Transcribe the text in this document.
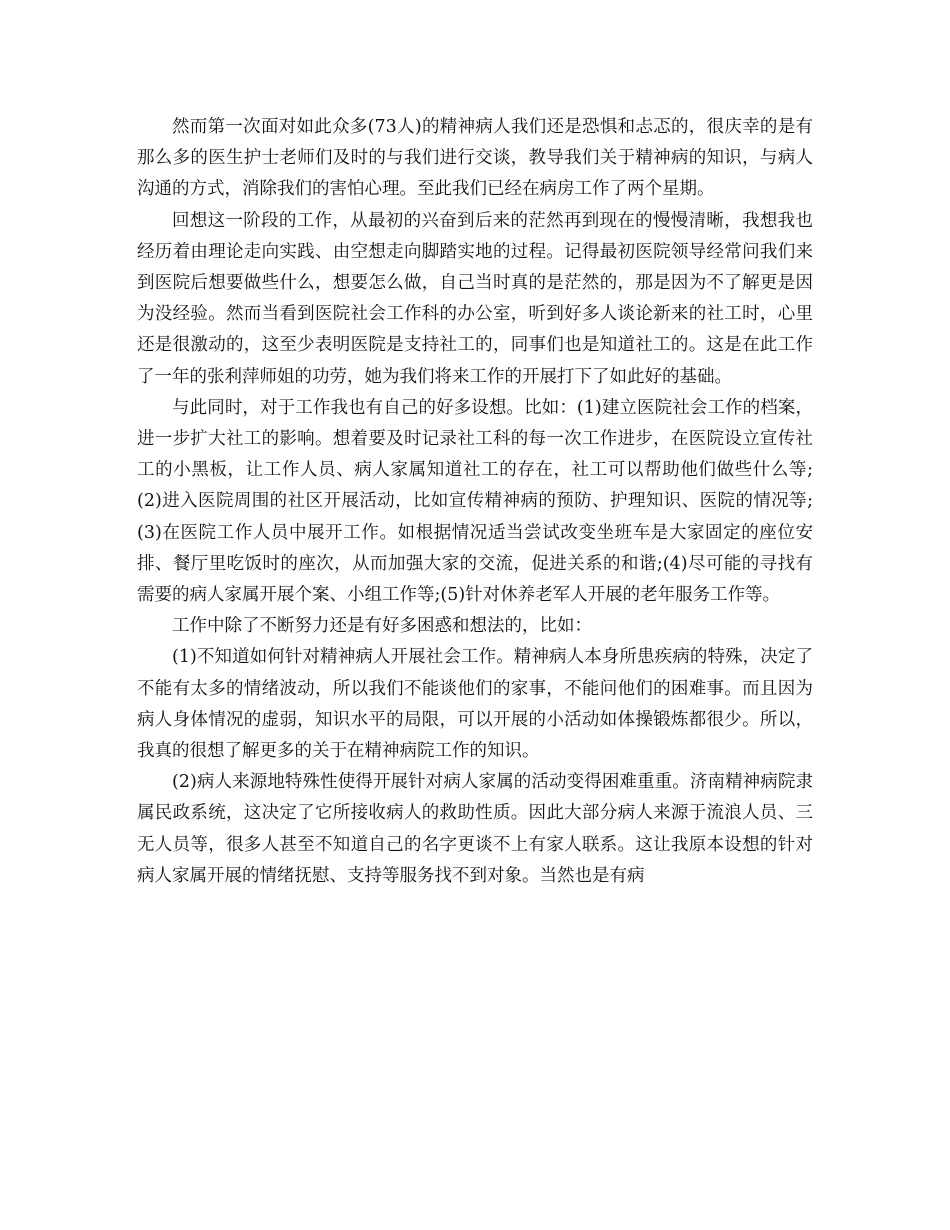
然而第一次面对如此众多(73人)的精神病人我们还是恐惧和忐忑的，很庆幸的是有那么多的医生护士老师们及时的与我们进行交谈，教导我们关于精神病的知识，与病人沟通的方式，消除我们的害怕心理。至此我们已经在病房工作了两个星期。

回想这一阶段的工作，从最初的兴奋到后来的茫然再到现在的慢慢清晰，我想我也经历着由理论走向实践、由空想走向脚踏实地的过程。记得最初医院领导经常问我们来到医院后想要做些什么，想要怎么做，自己当时真的是茫然的，那是因为不了解更是因为没经验。然而当看到医院社会工作科的办公室，听到好多人谈论新来的社工时，心里还是很激动的，这至少表明医院是支持社工的，同事们也是知道社工的。这是在此工作了一年的张利萍师姐的功劳，她为我们将来工作的开展打下了如此好的基础。

与此同时，对于工作我也有自己的好多设想。比如：(1)建立医院社会工作的档案，进一步扩大社工的影响。想着要及时记录社工科的每一次工作进步，在医院设立宣传社工的小黑板，让工作人员、病人家属知道社工的存在，社工可以帮助他们做些什么等;(2)进入医院周围的社区开展活动，比如宣传精神病的预防、护理知识、医院的情况等;(3)在医院工作人员中展开工作。如根据情况适当尝试改变坐班车是大家固定的座位安排、餐厅里吃饭时的座次，从而加强大家的交流，促进关系的和谐;(4)尽可能的寻找有需要的病人家属开展个案、小组工作等;(5)针对休养老军人开展的老年服务工作等。

工作中除了不断努力还是有好多困惑和想法的，比如：

(1)不知道如何针对精神病人开展社会工作。精神病人本身所患疾病的特殊，决定了不能有太多的情绪波动，所以我们不能谈他们的家事，不能问他们的困难事。而且因为病人身体情况的虚弱，知识水平的局限，可以开展的小活动如体操锻炼都很少。所以，我真的很想了解更多的关于在精神病院工作的知识。

(2)病人来源地特殊性使得开展针对病人家属的活动变得困难重重。济南精神病院隶属民政系统，这决定了它所接收病人的救助性质。因此大部分病人来源于流浪人员、三无人员等，很多人甚至不知道自己的名字更谈不上有家人联系。这让我原本设想的针对病人家属开展的情绪抚慰、支持等服务找不到对象。当然也是有病
